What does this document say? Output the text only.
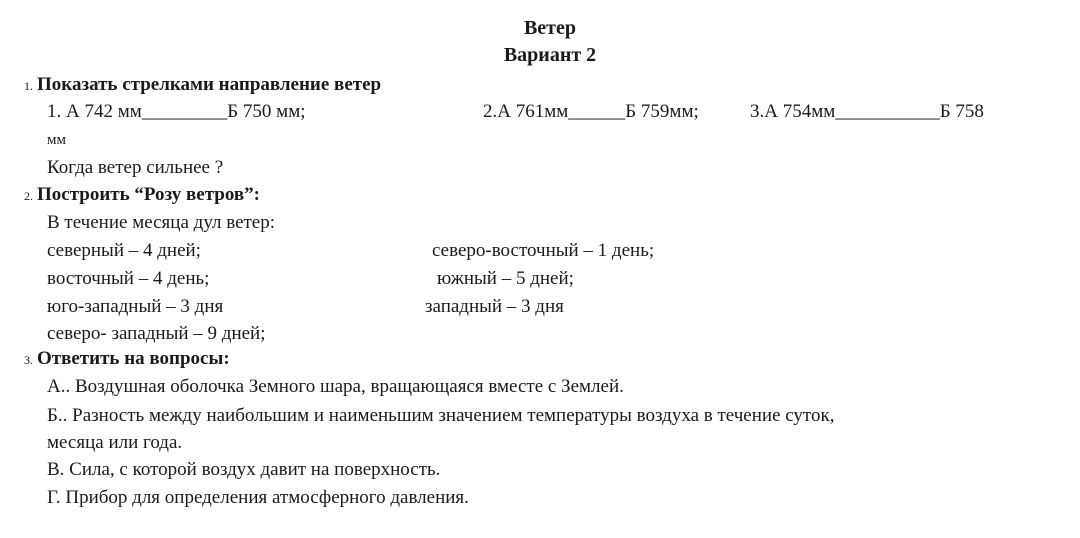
Ветер
Вариант 2
1. Показать стрелками направление ветер
1. А 742 мм_________Б 750 мм;	2.А 761мм______Б 759мм;	3.А 754мм___________Б 758
мм
Когда ветер сильнее ?
2. Построить “Розу ветров”:
В течение месяца дул ветер:
северный – 4 дней;	северо-восточный – 1 день;
восточный – 4 день;	южный – 5 дней;
юго-западный – 3 дня	западный – 3 дня
северо- западный – 9 дней;
3. Ответить на вопросы:
А.. Воздушная оболочка Земного шара, вращающаяся вместе с Землей.
Б.. Разность между наибольшим и наименьшим значением температуры воздуха в течение суток,
месяца или года.
В. Сила, с которой воздух давит на поверхность.
Г. Прибор для определения атмосферного давления.
